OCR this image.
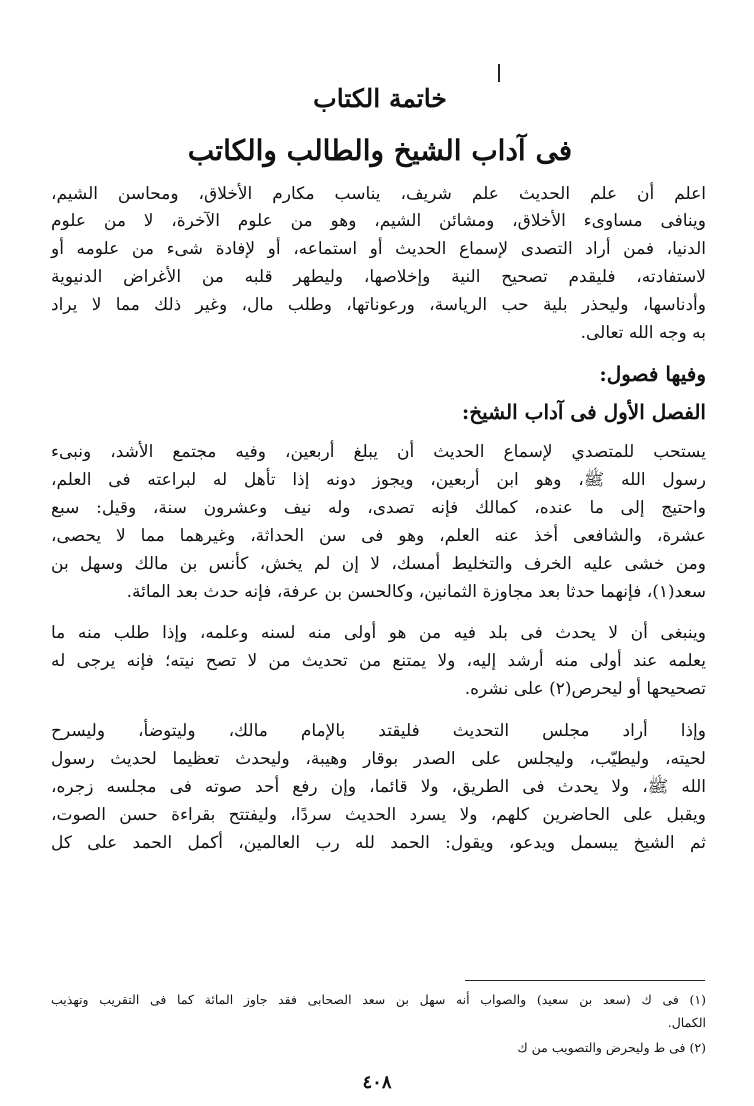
خاتمة الكتاب
فى آداب الشيخ والطالب والكاتب
اعلم أن علم الحديث علم شريف، يناسب مكارم الأخلاق، ومحاسن الشيم،
وينافى مساوىء الأخلاق، ومشائن الشيم، وهو من علوم الآخرة، لا من علوم
الدنيا، فمن أراد التصدى لإسماع الحديث أو استماعه، أو لإفادة شىء من علومه أو
لاستفادته، فليقدم تصحيح النية وإخلاصها، وليطهر قلبه من الأغراض الدنيوية
وأدناسها، وليحذر بلية حب الرياسة، ورعوناتها، وطلب مال، وغير ذلك مما لا يراد
به وجه الله تعالى.
وفيها فصول:
الفصل الأول فى آداب الشيخ:
يستحب للمتصدي لإسماع الحديث أن يبلغ أربعين، وفيه مجتمع الأشد، ونبىء
رسول الله ﷺ، وهو ابن أربعين، ويجوز دونه إذا تأهل له لبراعته فى العلم،
واحتيج إلى ما عنده، كمالك فإنه تصدى، وله نيف وعشرون سنة، وقيل: سبع
عشرة، والشافعى أخذ عنه العلم، وهو فى سن الحداثة، وغيرهما مما لا يحصى،
ومن خشى عليه الخرف والتخليط أمسك، لا إن لم يخش، كأنس بن مالك وسهل بن
سعد(١)، فإنهما حدثا بعد مجاوزة الثمانين، وكالحسن بن عرفة، فإنه حدث بعد المائة.
وينبغى أن لا يحدث فى بلد فيه من هو أولى منه لسنه وعلمه، وإذا طلب منه ما
يعلمه عند أولى منه أرشد إليه، ولا يمتنع من تحديث من لا تصح نيته؛ فإنه يرجى له
تصحيحها أو ليحرص(٢) على نشره.
وإذا أراد مجلس التحديث فليقتد بالإمام مالك، وليتوضأ، وليسرح
لحيته، وليطيّب، وليجلس على الصدر بوقار وهيبة، وليحدث تعظيما لحديث رسول
الله ﷺ، ولا يحدث فى الطريق، ولا قائما، وإن رفع أحد صوته فى مجلسه زجره،
ويقبل على الحاضرين كلهم، ولا يسرد الحديث سردًا، وليفتتح بقراءة حسن الصوت،
ثم الشيخ يبسمل ويدعو، ويقول: الحمد لله رب العالمين، أكمل الحمد على كل
(١) فى ك (سعد بن سعيد) والصواب أنه سهل بن سعد الصحابى فقد جاوز المائة كما فى التقريب وتهذيب
الكمال.
(٢) فى ط وليحرض والتصويب من ك
٤٠٨
